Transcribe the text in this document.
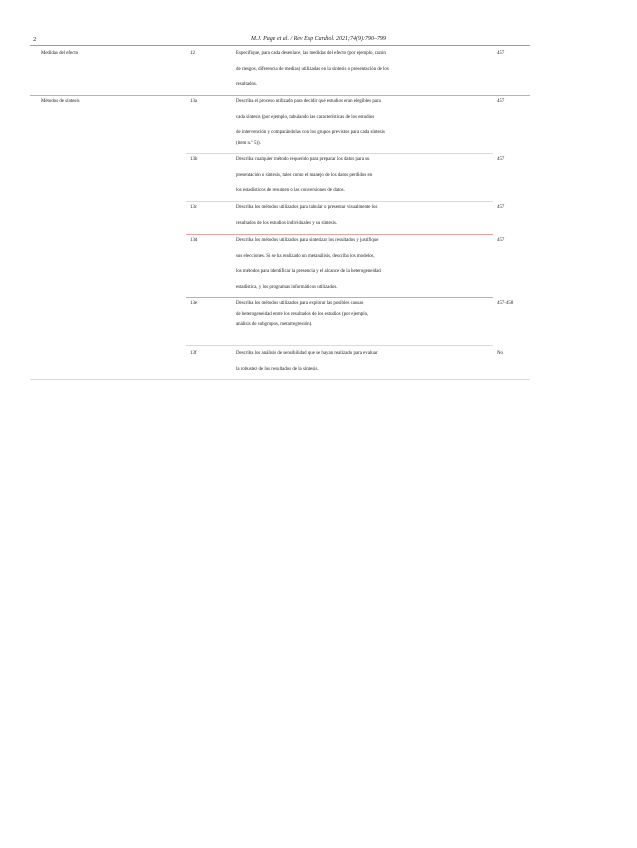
2	M.J. Page et al. / Rev Esp Cardiol. 2021;74(9):790–799
Medidas del efecto	12	Especifique, para cada desenlace, las medidas del efecto (por ejemplo, razón
de riesgos, diferencia de medias) utilizadas en la síntesis o presentación de los
resultados.
457
Métodos de síntesis	13a	Describa el proceso utilizado para decidir qué estudios eran elegibles para
cada síntesis (por ejemplo, tabulando las características de los estudios
de intervención y comparándolas con los grupos previstos para cada síntesis
(ítem n.º 5)).
457
13b	Describa cualquier método requerido para preparar los datos para su
presentación o síntesis, tales como el manejo de los datos perdidos en
los estadísticos de resumen o las conversiones de datos.
457
13c	Describa los métodos utilizados para tabular o presentar visualmente los
resultados de los estudios individuales y su síntesis.
457
13d	Describa los métodos utilizados para sintetizar los resultados y justifique
sus elecciones. Si se ha realizado un metanálisis, describa los modelos,
los métodos para identificar la presencia y el alcance de la heterogeneidad
estadística, y los programas informáticos utilizados.
457
13e	Describa los métodos utilizados para explorar las posibles causas
de heterogeneidad entre los resultados de los estudios (por ejemplo,
análisis de subgrupos, metarregresión).
457-458
13f	Describa los análisis de sensibilidad que se hayan realizado para evaluar
la robustez de los resultados de la síntesis.
No
